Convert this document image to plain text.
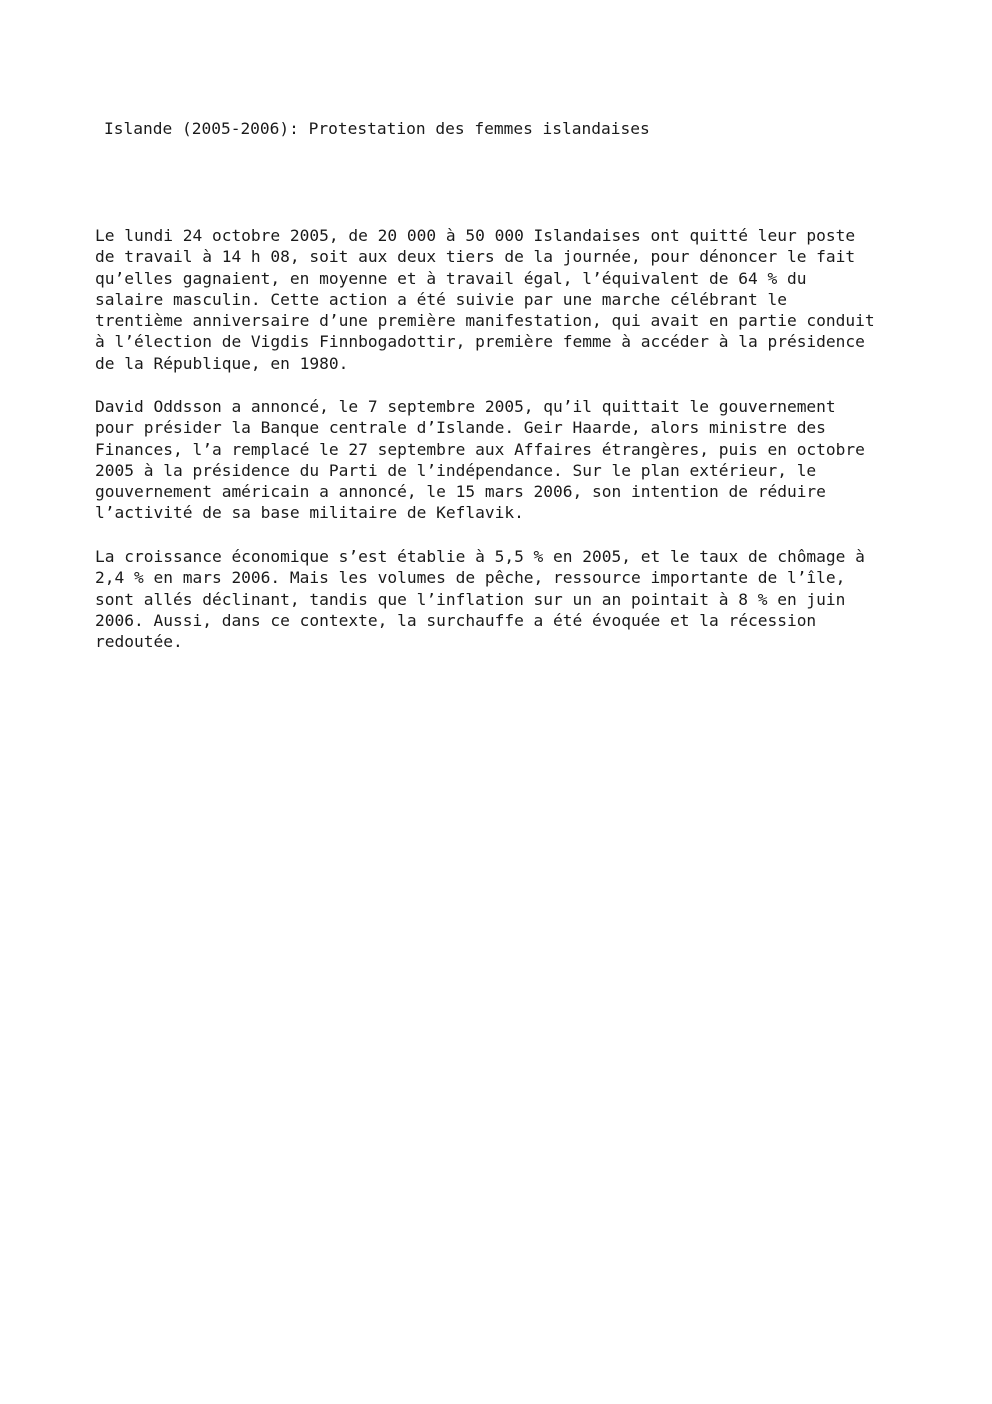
Islande (2005-2006): Protestation des femmes islandaises

Le lundi 24 octobre 2005, de 20 000 à 50 000 Islandaises ont quitté leur poste
de travail à 14 h 08, soit aux deux tiers de la journée, pour dénoncer le fait
qu’elles gagnaient, en moyenne et à travail égal, l’équivalent de 64 % du
salaire masculin. Cette action a été suivie par une marche célébrant le
trentième anniversaire d’une première manifestation, qui avait en partie conduit
à l’élection de Vigdis Finnbogadottir, première femme à accéder à la présidence
de la République, en 1980.

David Oddsson a annoncé, le 7 septembre 2005, qu’il quittait le gouvernement
pour présider la Banque centrale d’Islande. Geir Haarde, alors ministre des
Finances, l’a remplacé le 27 septembre aux Affaires étrangères, puis en octobre
2005 à la présidence du Parti de l’indépendance. Sur le plan extérieur, le
gouvernement américain a annoncé, le 15 mars 2006, son intention de réduire
l’activité de sa base militaire de Keflavik.

La croissance économique s’est établie à 5,5 % en 2005, et le taux de chômage à
2,4 % en mars 2006. Mais les volumes de pêche, ressource importante de l’île,
sont allés déclinant, tandis que l’inflation sur un an pointait à 8 % en juin
2006. Aussi, dans ce contexte, la surchauffe a été évoquée et la récession
redoutée.
